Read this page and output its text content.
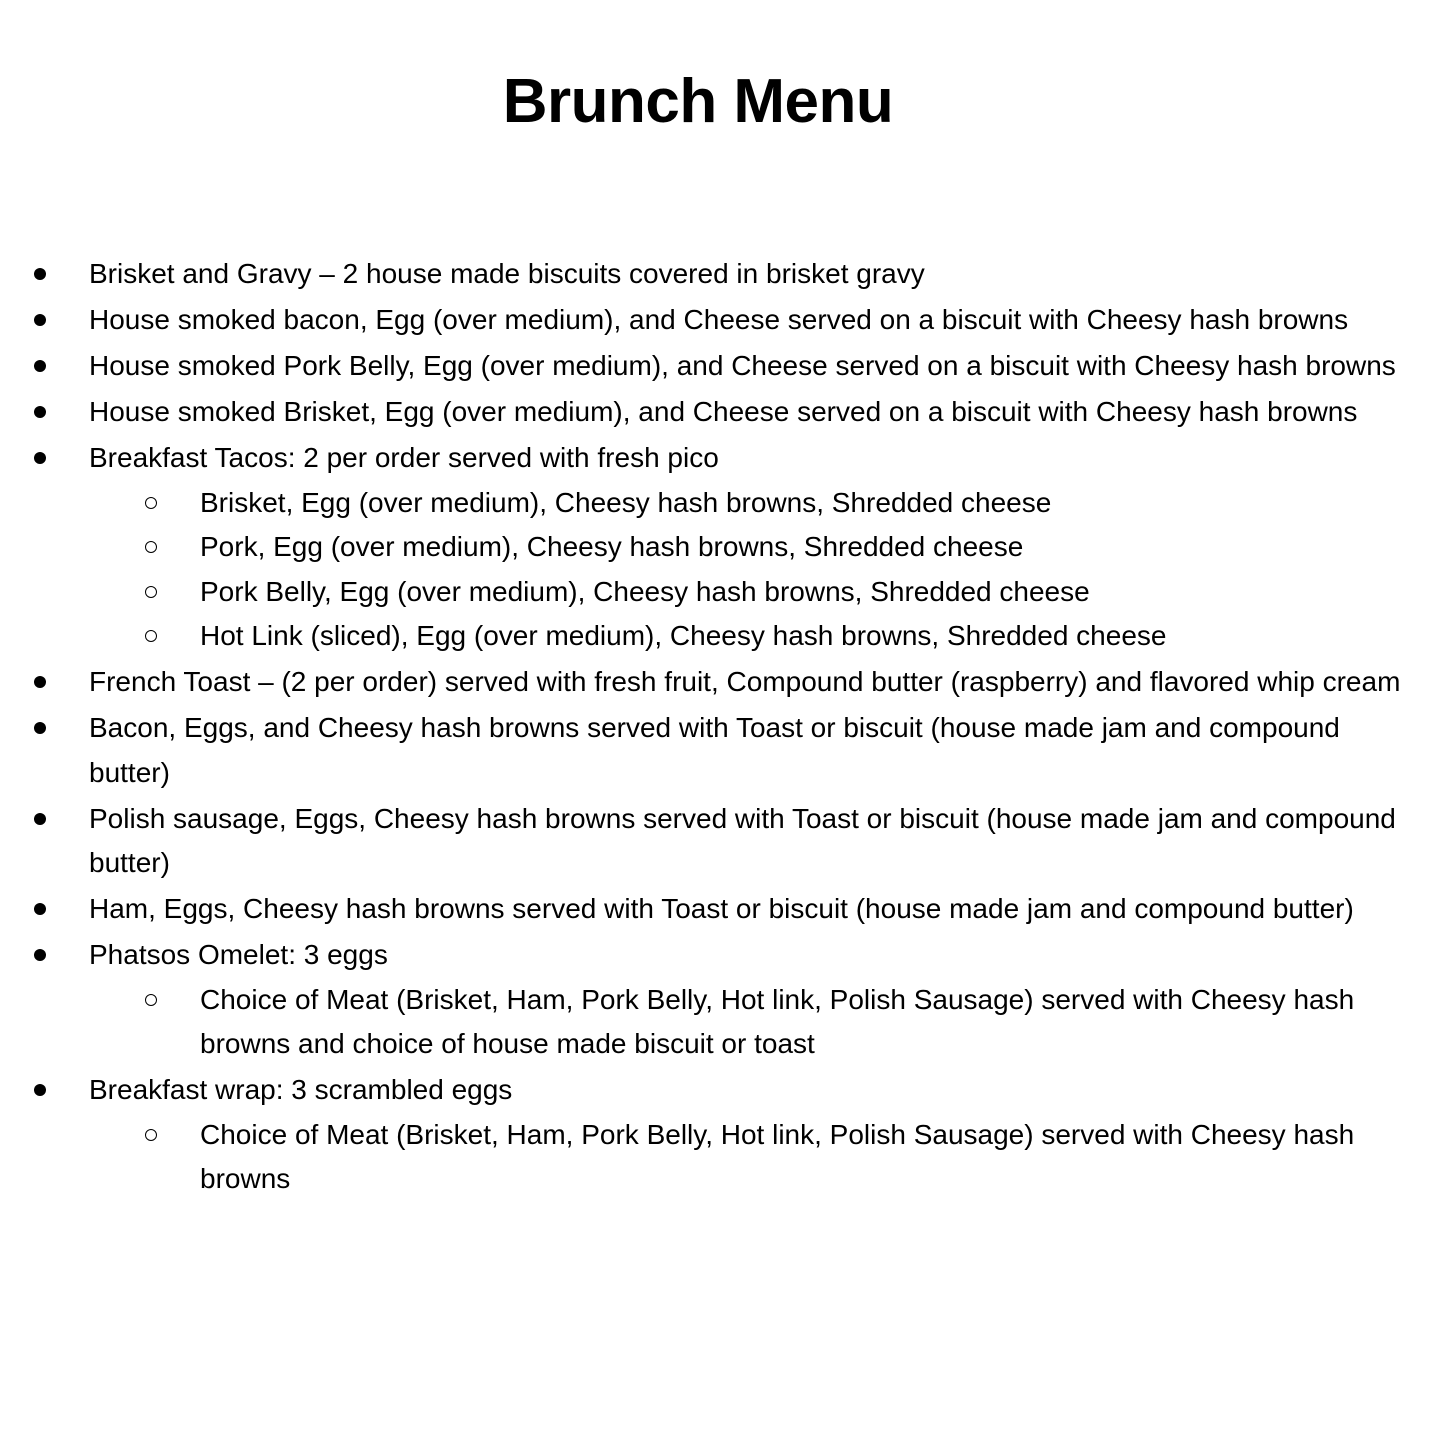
Brunch Menu
Brisket and Gravy – 2 house made biscuits covered in brisket gravy
House smoked bacon, Egg (over medium), and Cheese served on a biscuit with Cheesy hash browns
House smoked Pork Belly, Egg (over medium), and Cheese served on a biscuit with Cheesy hash browns
House smoked Brisket, Egg (over medium), and Cheese served on a biscuit with Cheesy hash browns
Breakfast Tacos: 2 per order served with fresh pico
Brisket, Egg (over medium), Cheesy hash browns, Shredded cheese
Pork, Egg (over medium), Cheesy hash browns, Shredded cheese
Pork Belly, Egg (over medium), Cheesy hash browns, Shredded cheese
Hot Link (sliced), Egg (over medium), Cheesy hash browns, Shredded cheese
French Toast – (2 per order) served with fresh fruit, Compound butter (raspberry) and flavored whip cream
Bacon, Eggs, and Cheesy hash browns served with Toast or biscuit (house made jam and compound butter)
Polish sausage, Eggs, Cheesy hash browns served with Toast or biscuit (house made jam and compound butter)
Ham, Eggs, Cheesy hash browns served with Toast or biscuit (house made jam and compound butter)
Phatsos Omelet: 3 eggs
Choice of Meat (Brisket, Ham, Pork Belly, Hot link, Polish Sausage) served with Cheesy hash browns and choice of house made biscuit or toast
Breakfast wrap: 3 scrambled eggs
Choice of Meat (Brisket, Ham, Pork Belly, Hot link, Polish Sausage) served with Cheesy hash browns
